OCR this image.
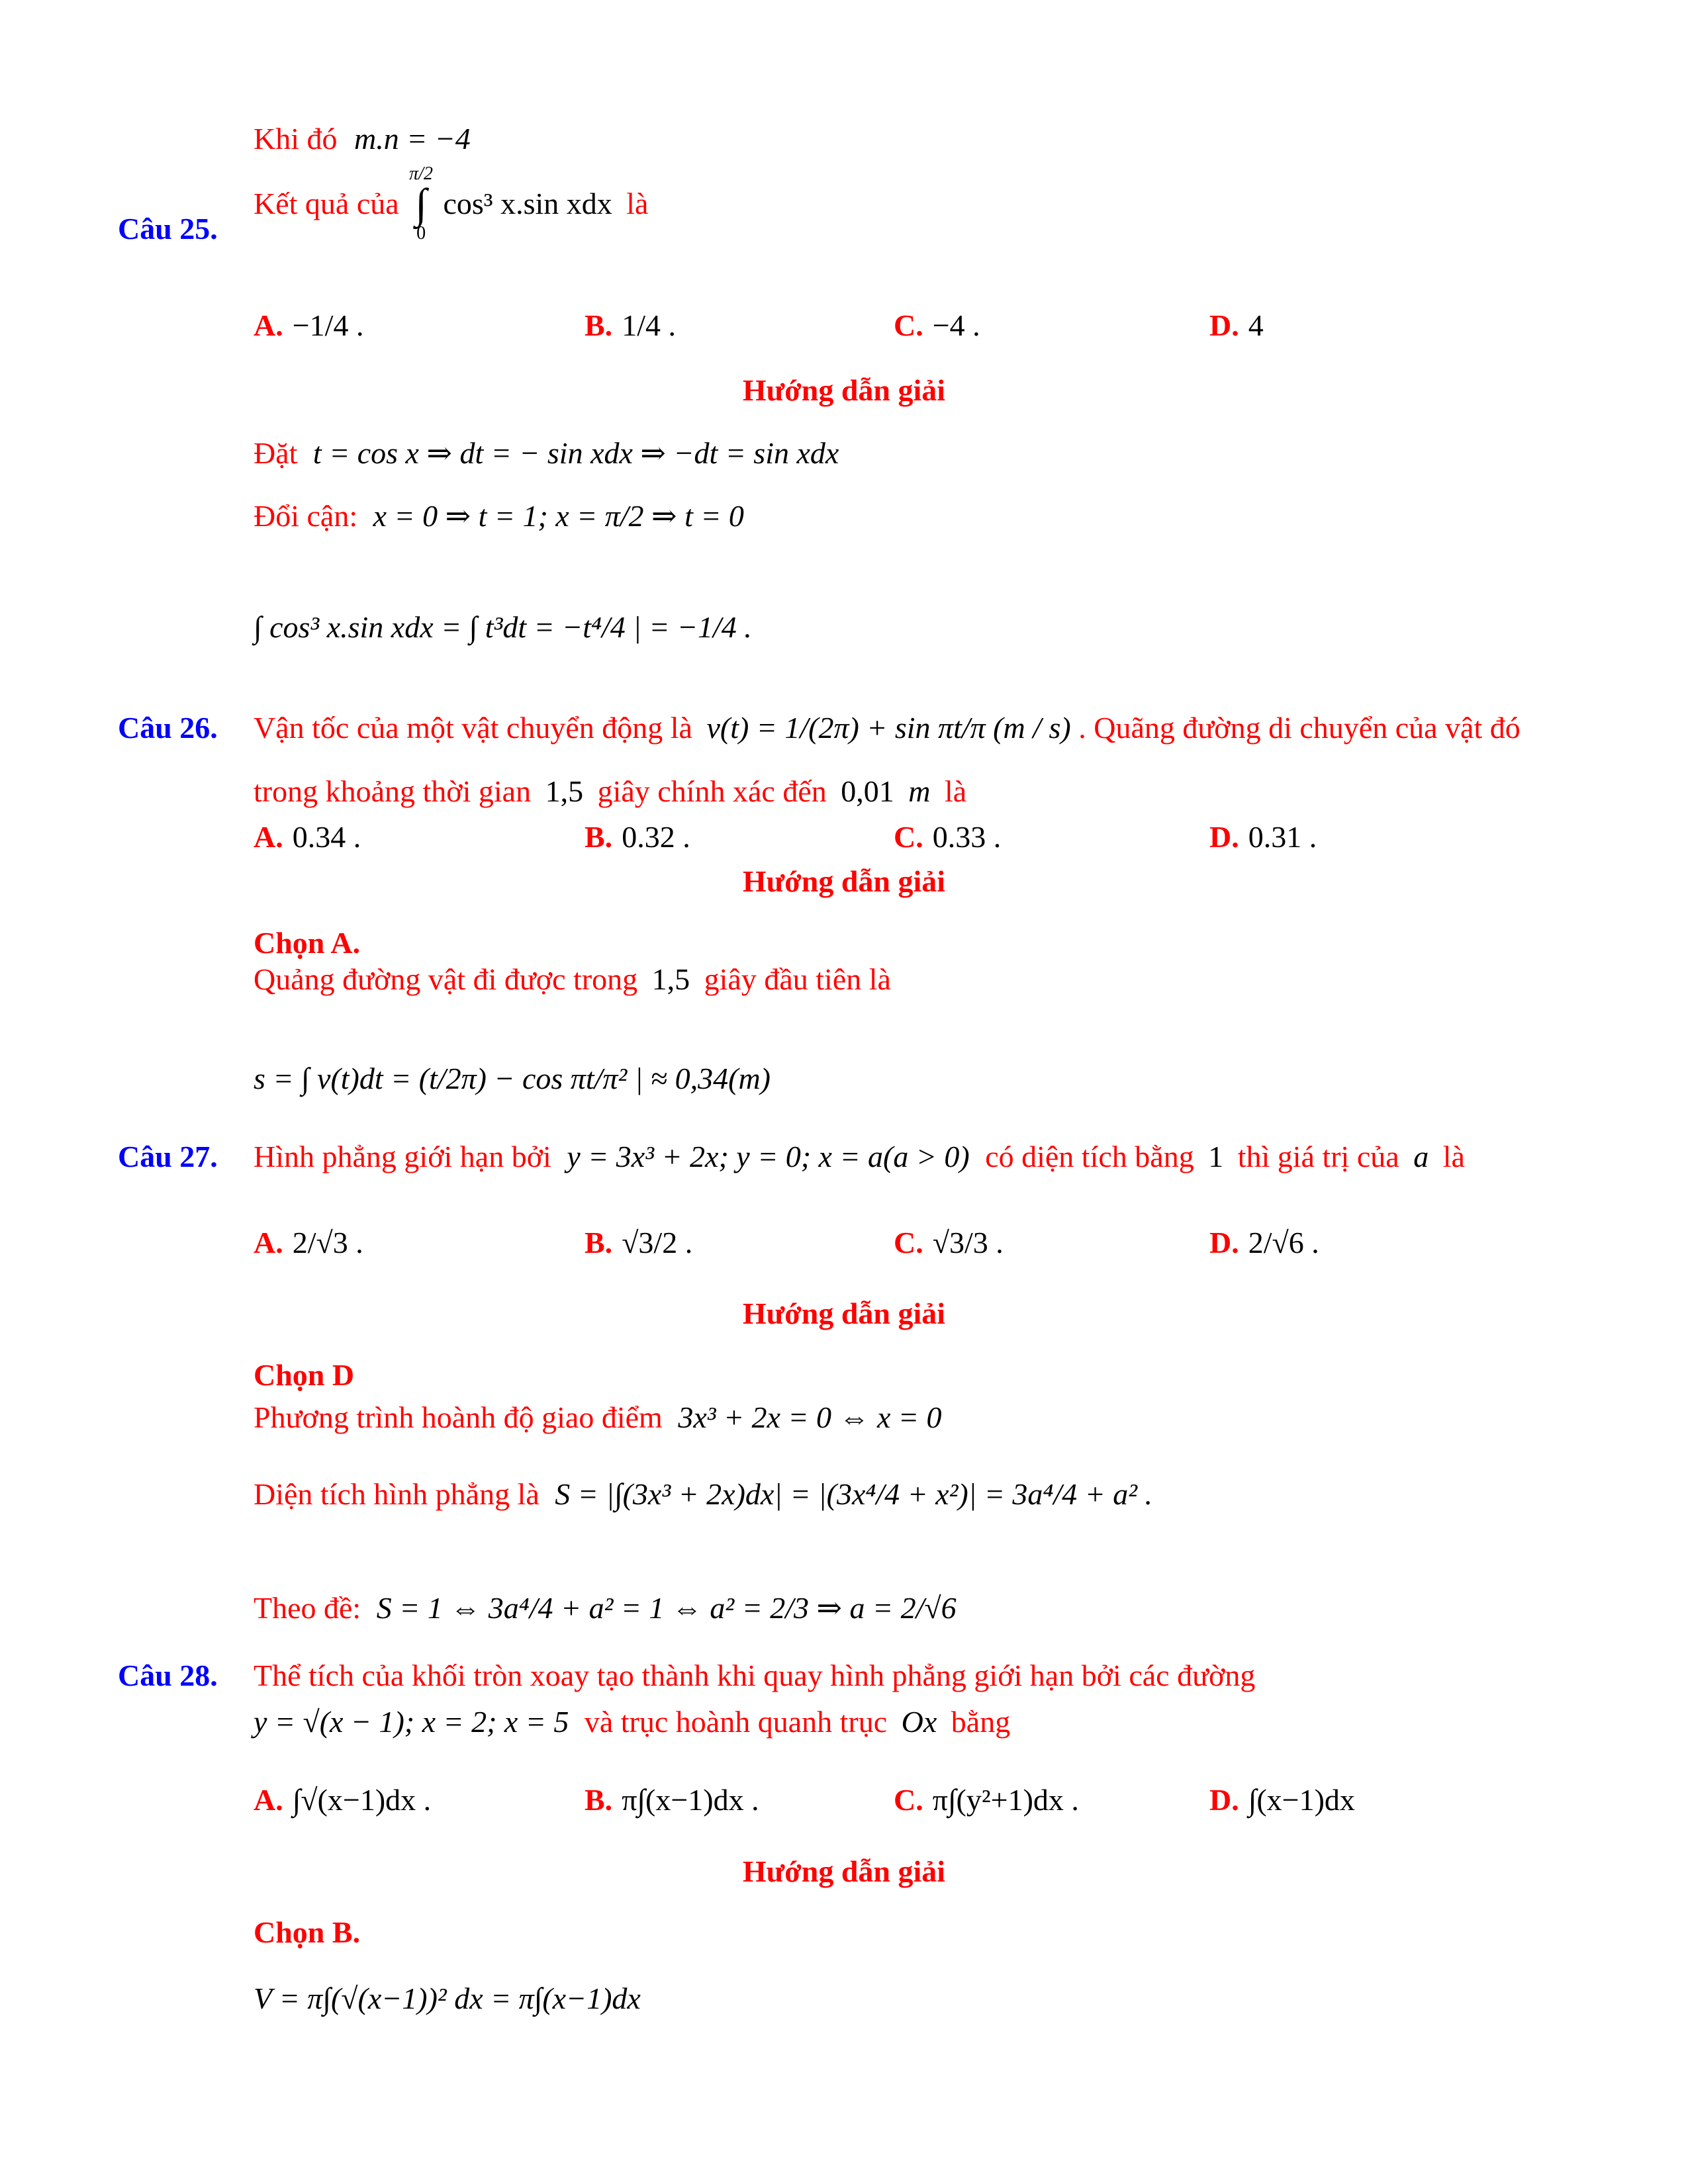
Khi đó m.n = −4
Câu 25.
Kết quả của
π/2
∫
0
cos³ x.sin xdx là
A. −1/4 .	B. 1/4 .	C. −4 .	D. 4
Hướng dẫn giải
Đặt t = cos x ⇒ dt = − sin xdx ⇒ −dt = sin xdx
Đổi cận: x = 0 ⇒ t = 1; x = π/2 ⇒ t = 0
∫ cos³ x.sin xdx = ∫ t³dt = −t⁴/4 | = −1/4 .
Câu 26. Vận tốc của một vật chuyển động là v(t) = 1/(2π) + sin πt/π (m / s) . Quãng đường di chuyển của vật đó
trong khoảng thời gian 1,5 giây chính xác đến 0,01 m là
A. 0.34 .	B. 0.32 .	C. 0.33 .	D. 0.31 .
Hướng dẫn giải
Chọn A.
Quảng đường vật đi được trong 1,5 giây đầu tiên là
s = ∫ v(t)dt = (t/2π) − cos πt/π² | ≈ 0,34(m)
Câu 27. Hình phẳng giới hạn bởi y = 3x³ + 2x; y = 0; x = a(a > 0) có diện tích bằng 1 thì giá trị của a là
A. 2/√3 .	B. √3/2 .	C. √3/3 .	D. 2/√6 .
Hướng dẫn giải
Chọn D
Phương trình hoành độ giao điểm 3x³ + 2x = 0 ⇔ x = 0
Diện tích hình phẳng là S = |∫(3x³ + 2x)dx| = |(3x⁴/4 + x²)| = 3a⁴/4 + a² .
Theo đề: S = 1 ⇔ 3a⁴/4 + a² = 1 ⇔ a² = 2/3 ⇒ a = 2/√6
Câu 28. Thể tích của khối tròn xoay tạo thành khi quay hình phẳng giới hạn bởi các đường
y = √(x − 1); x = 2; x = 5 và trục hoành quanh trục Ox bằng
A. ∫√(x−1)dx .	B. π∫(x−1)dx .	C. π∫(y²+1)dx .	D. ∫(x−1)dx
Hướng dẫn giải
Chọn B.
V = π∫(√(x−1))² dx = π∫(x−1)dx
